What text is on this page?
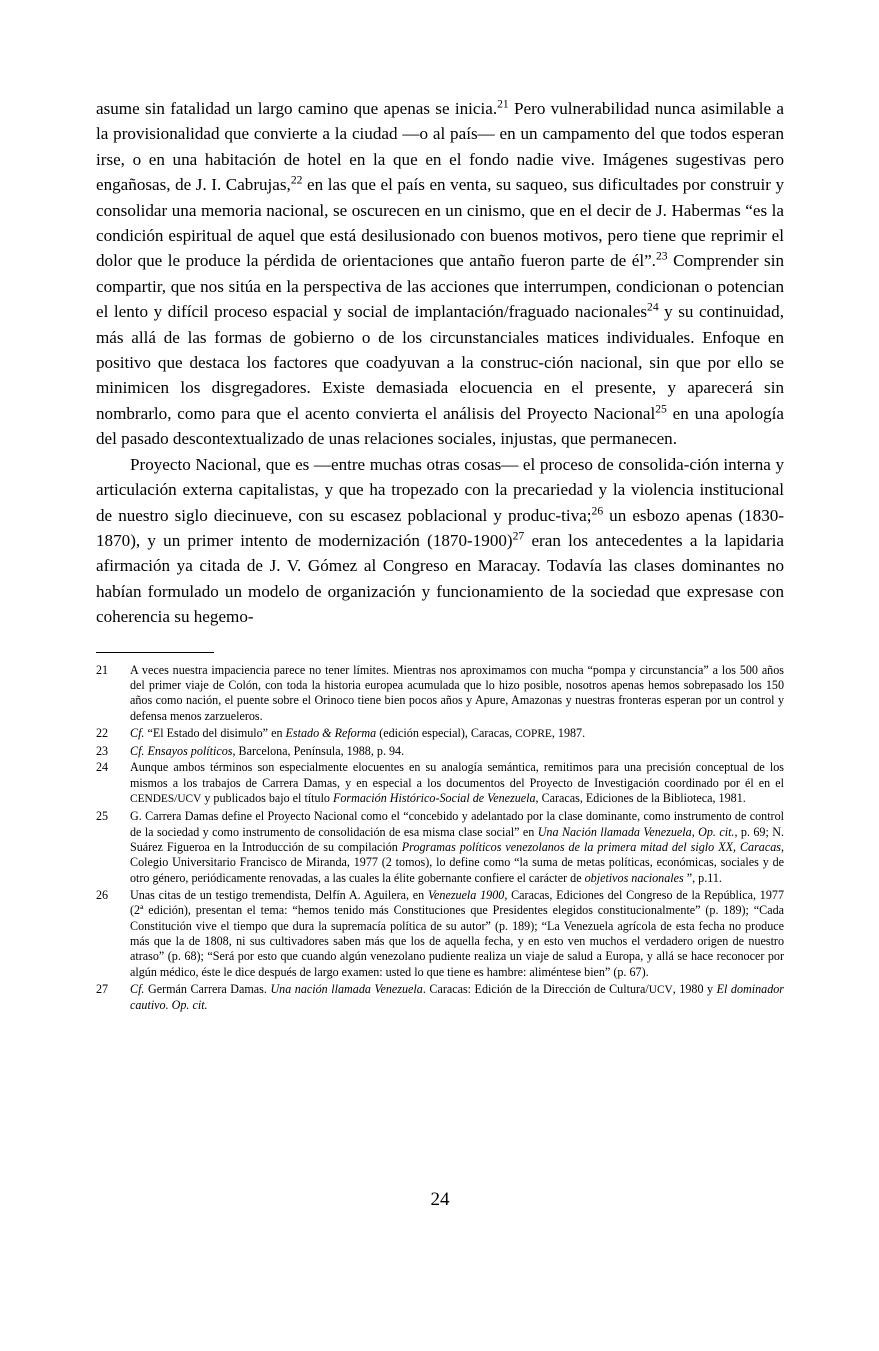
asume sin fatalidad un largo camino que apenas se inicia.$^{21}$ Pero vulnerabilidad nunca asimilable a la provisionalidad que convierte a la ciudad —o al país— en un campamento del que todos esperan irse, o en una habitación de hotel en la que en el fondo nadie vive. Imágenes sugestivas pero engañosas, de J. I. Cabrujas,$^{22}$ en las que el país en venta, su saqueo, sus dificultades por construir y consolidar una memoria nacional, se oscurecen en un cinismo, que en el decir de J. Habermas “es la condición espiritual de aquel que está desilusionado con buenos motivos, pero tiene que reprimir el dolor que le produce la pérdida de orientaciones que antaño fueron parte de él”.$^{23}$ Comprender sin compartir, que nos sitúa en la perspectiva de las acciones que interrumpen, condicionan o potencian el lento y difícil proceso espacial y social de implantación/fraguado nacionales$^{24}$ y su continuidad, más allá de las formas de gobierno o de los circunstanciales matices individuales. Enfoque en positivo que destaca los factores que coadyuvan a la construc-ción nacional, sin que por ello se minimicen los disgregadores. Existe demasiada elocuencia en el presente, y aparecerá sin nombrarlo, como para que el acento convierta el análisis del Proyecto Nacional$^{25}$ en una apología del pasado descontextualizado de unas relaciones sociales, injustas, que permanecen.

Proyecto Nacional, que es —entre muchas otras cosas— el proceso de consolida-ción interna y articulación externa capitalistas, y que ha tropezado con la precariedad y la violencia institucional de nuestro siglo diecinueve, con su escasez poblacional y produc-tiva;$^{26}$ un esbozo apenas (1830-1870), y un primer intento de modernización (1870-1900)$^{27}$ eran los antecedentes a la lapidaria afirmación ya citada de J. V. Gómez al Congreso en Maracay. Todavía las clases dominantes no habían formulado un modelo de organización y funcionamiento de la sociedad que expresase con coherencia su hegemo-

21	A veces nuestra impaciencia parece no tener límites. Mientras nos aproximamos con mucha “pompa y circunstancia” a los 500 años del primer viaje de Colón, con toda la historia europea acumulada que lo hizo posible, nosotros apenas hemos sobrepasado los 150 años como nación, el puente sobre el Orinoco tiene bien pocos años y Apure, Amazonas y nuestras fronteras esperan por un control y defensa menos zarzueleros.
22	Cf. “El Estado del disimulo” en Estado & Reforma (edición especial), Caracas, COPRE, 1987.
23	Cf. Ensayos políticos, Barcelona, Península, 1988, p. 94.
24	Aunque ambos términos son especialmente elocuentes en su analogía semántica, remitimos para una precisión conceptual de los mismos a los trabajos de Carrera Damas, y en especial a los documentos del Proyecto de Investigación coordinado por él en el CENDES/UCV y publicados bajo el título Formación Histórico-Social de Venezuela, Caracas, Ediciones de la Biblioteca, 1981.
25	G. Carrera Damas define el Proyecto Nacional como el “concebido y adelantado por la clase dominante, como instrumento de control de la sociedad y como instrumento de consolidación de esa misma clase social” en Una Nación llamada Venezuela, Op. cit., p. 69; N. Suárez Figueroa en la Introducción de su compilación Programas políticos venezolanos de la primera mitad del siglo XX, Caracas, Colegio Universitario Francisco de Miranda, 1977 (2 tomos), lo define como “la suma de metas políticas, económicas, sociales y de otro género, periódicamente renovadas, a las cuales la élite gobernante confiere el carácter de objetivos nacionales ”, p.11.
26	Unas citas de un testigo tremendista, Delfín A. Aguilera, en Venezuela 1900, Caracas, Ediciones del Congreso de la República, 1977 (2ª edición), presentan el tema: “hemos tenido más Constituciones que Presidentes elegidos constitucionalmente” (p. 189); “Cada Constitución vive el tiempo que dura la supremacía política de su autor” (p. 189); “La Venezuela agrícola de esta fecha no produce más que la de 1808, ni sus cultivadores saben más que los de aquella fecha, y en esto ven muchos el verdadero origen de nuestro atraso” (p. 68); “Será por esto que cuando algún venezolano pudiente realiza un viaje de salud a Europa, y allá se hace reconocer por algún médico, éste le dice después de largo examen: usted lo que tiene es hambre: aliméntese bien” (p. 67).
27	Cf. Germán Carrera Damas. Una nación llamada Venezuela. Caracas: Edición de la Dirección de Cultura/UCV, 1980 y El dominador cautivo. Op. cit.
24
